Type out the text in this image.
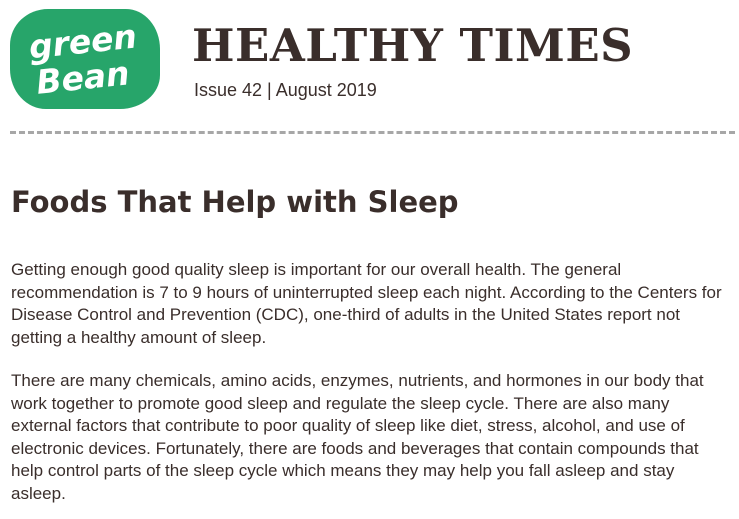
green
Bean
HEALTHY TIMES
Issue 42 | August 2019
Foods That Help with Sleep

Getting enough good quality sleep is important for our overall health. The general recommendation is 7 to 9 hours of uninterrupted sleep each night. According to the Centers for Disease Control and Prevention (CDC), one-third of adults in the United States report not getting a healthy amount of sleep.

There are many chemicals, amino acids, enzymes, nutrients, and hormones in our body that work together to promote good sleep and regulate the sleep cycle. There are also many external factors that contribute to poor quality of sleep like diet, stress, alcohol, and use of electronic devices. Fortunately, there are foods and beverages that contain compounds that help control parts of the sleep cycle which means they may help you fall asleep and stay asleep.
